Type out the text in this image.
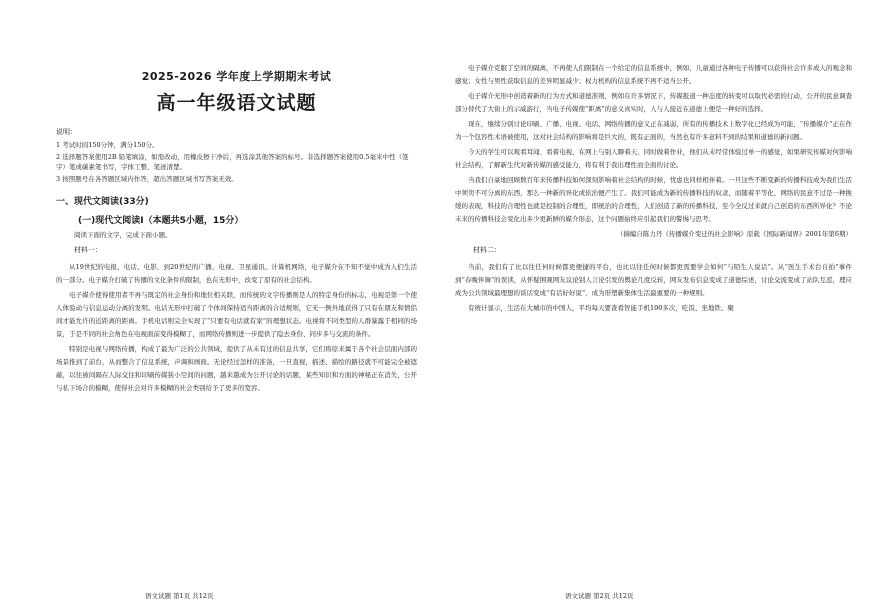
2025-2026 学年度上学期期末考试
高一年级语文试题
说明：
1 考试时间150分钟，满分150分。
2 选择题答案使用2B 铅笔填涂，如需改动，用橡皮擦干净后，再选涂其他答案的标号。非选择题答案使用0.5毫米中性（签字）笔或碳素笔书写，字体工整、笔迹清楚。
3 按照题号在各答题区域内作答，超出答题区域书写答案无效。
一、现代文阅读(33分)
(一)现代文阅读I（本题共5小题，15分）
阅读下面的文字，完成下面小题。
材料一：

从19世纪的电报、电话、电影，到20世纪的广播、电视、卫星通讯、计算机网络，电子媒介在不知不觉中成为人们生活的一部分。电子媒介打破了传播的文化条件的限制，也在无形中，改变了原有的社会结构。

电子媒介使得使用者不再与既定的社会身份和地位相关联，而传统的文字传播则是人的特定身份的标志，电视是第一个使人体验动与信息运动分离的发明。电话无形中打破了个体间保持适当距离的合适规则，它无一例外地获得了只有在朋友和情侣间才能允许的近距离的距离。手机电话则完全实现了“只要有电话就有家”的理想状态。电视将不同类型的人群暴露于相同的场景，于是不同的社会角色在电视面前变得模糊了，而网络传播则进一步提供了隐去身份、同步多与交流的条件。

特别是电视与网络传播，构成了最为广泛的公共领域，提供了从未有过的信息共享，它们将原来属于各个社会层面内部的场景推到了前台，从而整合了信息系统，声调和画面。无论经过怎样的准备，一旦直视，描述、描绘的路径就不可能完全被遮蔽，以往被间隔在人际交往和印刷传媒狭小空间的问题，越来越成为公开讨论的话题，某些知识和方面的神秘正在消失，公开与私下场合的模糊，使得社会对许多模糊的社会类别给予了更多的宽容。

语文试题 第1页 共12页

电子媒介克服了空间的隔离，不再使人们限制在一个给定的信息系统中，例如，儿童通过各种电子传播可以获得社会许多成人的观念和感觉；女性与男性获取信息的差异明显减少；权力机构的信息系统不再不适当公开。

电子媒介无形中创造着新的行为方式和道德准则，例如在许多情况下，传媒报道一种态度的转变可以取代必需的行动，公开的民意调查部分替代了大街上的示威游行，当电子传媒使“距离”的意义真实时，人与人接近在道德上便是一种好的选择。

现在，继续分别讨论印刷、广播、电视、电话、网络传播的意义正在减弱，所有的传播技术上数字化已经成为可能，“传播媒介”正在作为一个包容性术语被使用，这对社会结构的影响将是巨大的，既有正面的，当然也有许多意料不到的结果和道德的新问题。

今天的学生可以观看耳闻、看着电视、在网上与别人聊着天，同时做着作业，他们从未经常体验过单一的感觉，如果研究传媒对何影响社会结构，了解新生代对新传媒的感受能力，将有利于我出理性而全面的讨论。

当我们自豪地回顾数百年来传播科技如何深刻影响着社会结构的时候，忧虑也同样相伴着。一旦这些不断变新的传播科技成为我们生活中须臾不可分离的东西，那么一种新的异化或依治便产生了。我们可能成为新的传播科技的奴隶，而随着平等化，网络的民意不过是一种换缓的表现，科技的合理性也就是控制的合理性，即统治的合理性，人们创造了新的传播科技，至今全反过来就自己创造的东西所异化？不论未来的传播科技会变化出多少更新鲜的媒介形态，这个问题始终应引起我们的警惕与思考。

（摘编自陈力丹《传播媒介变迁的社会影响》原载《国际新闻界》2001年第6期）
材料二：

当前，我们有了比以往任何时候都更便捷的平台，也比以往任何时候都更需要学会如何“与陌生人说话”。从“医生手术台自拍”事件到“春晚伴舞”的误读，从怀疑围观网友议论别人言论引发的舆论几度反转，网友发布信息变成了道德综述，讨论交流变成了站队互怼，理应成为公共领域最理想的谈话变成“有话好好说”，成为形塑新集体生活最重要的一种规则。

有统计显示，生活在大城市的中国人，平均每天要查看智能手机100多次，吃饭、坐地铁、聚

语文试题 第2页 共12页
